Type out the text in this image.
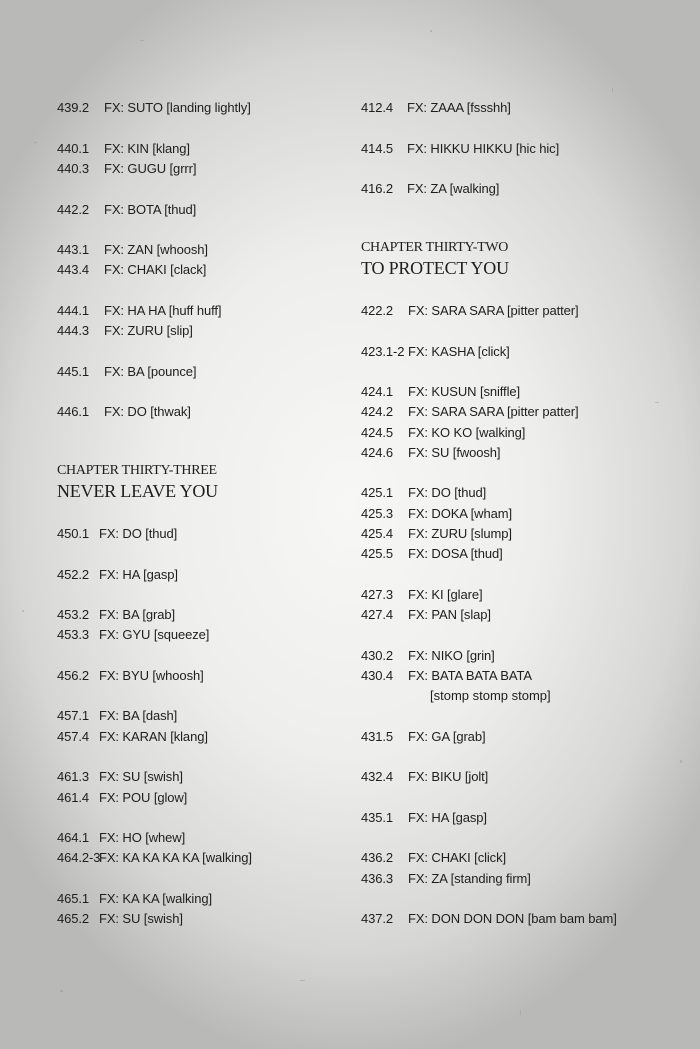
439.2 FX: SUTO [landing lightly]
440.1 FX: KIN [klang]
440.3 FX: GUGU [grrr]
442.2 FX: BOTA [thud]
443.1 FX: ZAN [whoosh]
443.4 FX: CHAKI [clack]
444.1 FX: HA HA [huff huff]
444.3 FX: ZURU [slip]
445.1 FX: BA [pounce]
446.1 FX: DO [thwak]
CHAPTER THIRTY-THREE
NEVER LEAVE YOU
450.1 FX: DO [thud]
452.2 FX: HA [gasp]
453.2 FX: BA [grab]
453.3 FX: GYU [squeeze]
456.2 FX: BYU [whoosh]
457.1 FX: BA [dash]
457.4 FX: KARAN [klang]
461.3 FX: SU [swish]
461.4 FX: POU [glow]
464.1 FX: HO [whew]
464.2-3
FX: KA KA KA KA [walking]
465.1 FX: KA KA [walking]
465.2 FX: SU [swish]
412.4 FX: ZAAA [fssshh]
414.5 FX: HIKKU HIKKU [hic hic]
416.2 FX: ZA [walking]
CHAPTER THIRTY-TWO
TO PROTECT YOU
422.2 FX: SARA SARA [pitter patter]
423.1-2 FX: KASHA [click]
424.1 FX: KUSUN [sniffle]
424.2 FX: SARA SARA [pitter patter]
424.5 FX: KO KO [walking]
424.6 FX: SU [fwoosh]
425.1 FX: DO [thud]
425.3 FX: DOKA [wham]
425.4 FX: ZURU [slump]
425.5 FX: DOSA [thud]
427.3 FX: KI [glare]
427.4 FX: PAN [slap]
430.2 FX: NIKO [grin]
430.4 FX: BATA BATA BATA
[stomp stomp stomp]
431.5 FX: GA [grab]
432.4 FX: BIKU [jolt]
435.1 FX: HA [gasp]
436.2 FX: CHAKI [click]
436.3 FX: ZA [standing firm]
437.2 FX: DON DON DON [bam bam bam]
